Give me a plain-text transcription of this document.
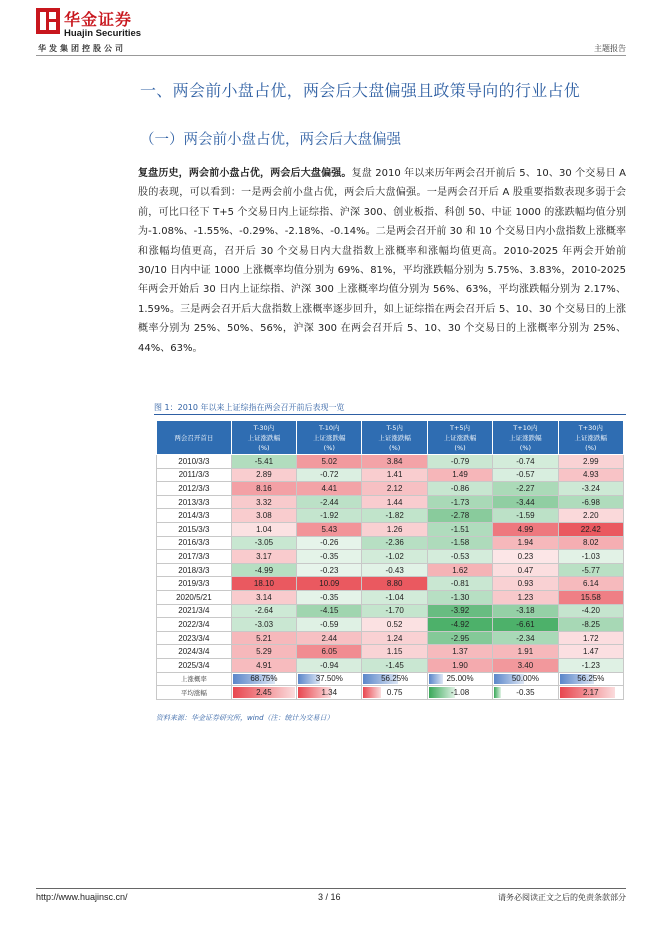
华金证券
Huajin Securities
华发集团控股公司	主题报告
一、两会前小盘占优，两会后大盘偏强且政策导向的行业占优
（一）两会前小盘占优，两会后大盘偏强

复盘历史，两会前小盘占优，两会后大盘偏强。复盘 2010 年以来历年两会召开前后 5、10、30 个交易日 A 股的表现，可以看到：一是两会前小盘占优，两会后大盘偏强。一是两会召开后 A 股重要指数表现多弱于会前，可比口径下 T+5 个交易日内上证综指、沪深 300、创业板指、科创 50、中证 1000 的涨跌幅均值分别为-1.08%、-1.55%、-0.29%、-2.18%、-0.14%。二是两会召开前 30 和 10 个交易日内小盘指数上涨概率和涨幅均值更高，召开后 30 个交易日内大盘指数上涨概率和涨幅均值更高。2010-2025 年两会开始前 30/10 日内中证 1000 上涨概率均值分别为 69%、81%，平均涨跌幅分别为 5.75%、3.83%，2010-2025 年两会开始后 30 日内上证综指、沪深 300 上涨概率均值分别为 56%、63%，平均涨跌幅分别为 2.17%、1.59%。三是两会召开后大盘指数上涨概率逐步回升，如上证综指在两会召开后 5、10、30 个交易日的上涨概率分别为 25%、50%、56%，沪深 300 在两会召开后 5、10、30 个交易日的上涨概率分别为 25%、44%、63%。

图 1：2010 年以来上证综指在两会召开前后表现一览
两会召开首日	T-30内
上证涨跌幅
(%)	T-10内
上证涨跌幅
(%)	T-5内
上证涨跌幅
(%)	T+5内
上证涨跌幅
(%)	T+10内
上证涨跌幅
(%)	T+30内
上证涨跌幅
(%)
2010/3/3	-5.41	5.02	3.84	-0.79	-0.74	2.99
2011/3/3	2.89	-0.72	1.41	1.49	-0.57	4.93
2012/3/3	8.16	4.41	2.12	-0.86	-2.27	-3.24
2013/3/3	3.32	-2.44	1.44	-1.73	-3.44	-6.98
2014/3/3	3.08	-1.92	-1.82	-2.78	-1.59	2.20
2015/3/3	1.04	5.43	1.26	-1.51	4.99	22.42
2016/3/3	-3.05	-0.26	-2.36	-1.58	1.94	8.02
2017/3/3	3.17	-0.35	-1.02	-0.53	0.23	-1.03
2018/3/3	-4.99	-0.23	-0.43	1.62	0.47	-5.77
2019/3/3	18.10	10.09	8.80	-0.81	0.93	6.14
2020/5/21	3.14	-0.35	-1.04	-1.30	1.23	15.58
2021/3/4	-2.64	-4.15	-1.70	-3.92	-3.18	-4.20
2022/3/4	-3.03	-0.59	0.52	-4.92	-6.61	-8.25
2023/3/4	5.21	2.44	1.24	-2.95	-2.34	1.72
2024/3/4	5.29	6.05	1.15	1.37	1.91	1.47
2025/3/4	4.91	-0.94	-1.45	1.90	3.40	-1.23
上涨概率	68.75%	37.50%	56.25%	25.00%	50.00%	56.25%
平均涨幅	2.45	1.34	0.75	-1.08	-0.35	2.17
资料来源：华金证券研究所，wind（注：统计为交易日）
http://www.huajinsc.cn/	3 / 16	请务必阅读正文之后的免责条款部分
